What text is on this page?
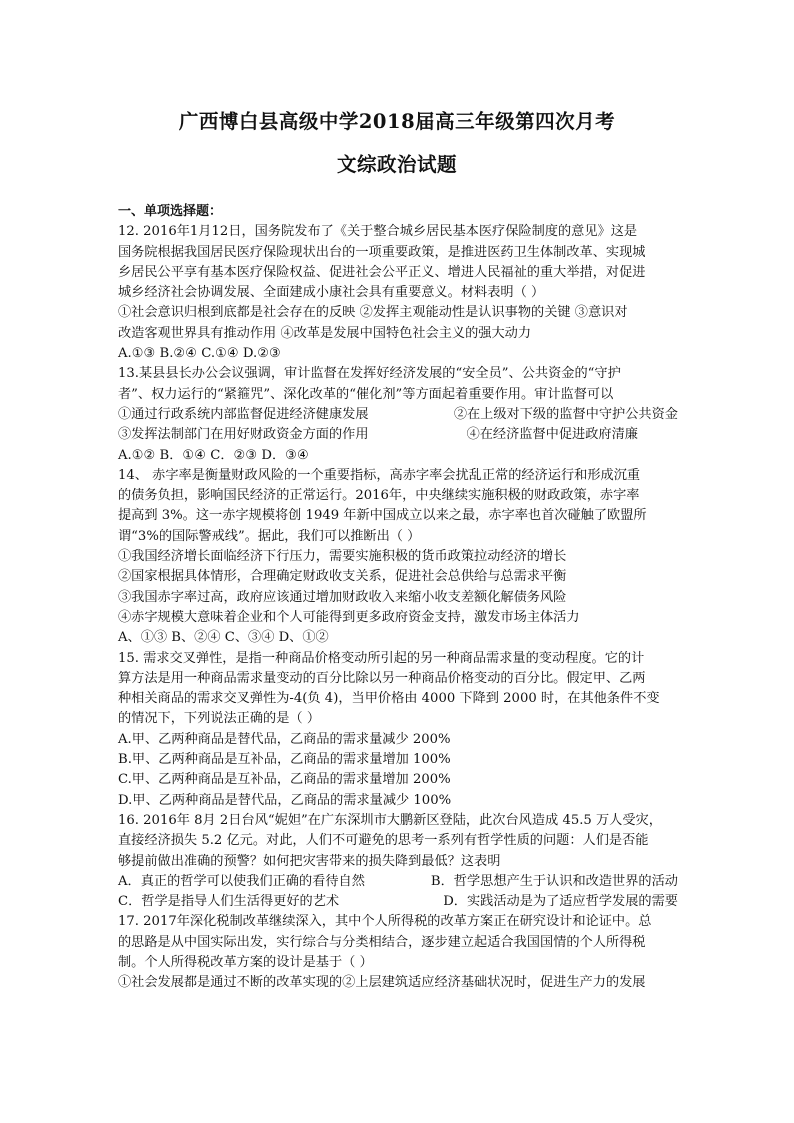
广西博白县高级中学2018届高三年级第四次月考
文综政治试题
一、单项选择题：
12. 2016年1月12日，国务院发布了《关于整合城乡居民基本医疗保险制度的意见》这是
国务院根据我国居民医疗保险现状出台的一项重要政策，是推进医药卫生体制改革、实现城
乡居民公平享有基本医疗保险权益、促进社会公平正义、增进人民福祉的重大举措，对促进
城乡经济社会协调发展、全面建成小康社会具有重要意义。材料表明（ ）
①社会意识归根到底都是社会存在的反映 ②发挥主观能动性是认识事物的关键 ③意识对
改造客观世界具有推动作用 ④改革是发展中国特色社会主义的强大动力
A.①③ B.②④ C.①④ D.②③
13.某县县长办公会议强调，审计监督在发挥好经济发展的“安全员”、公共资金的“守护
者”、权力运行的“紧箍咒”、深化改革的“催化剂”等方面起着重要作用。审计监督可以
①通过行政系统内部监督促进经济健康发展	②在上级对下级的监督中守护公共资金
③发挥法制部门在用好财政资金方面的作用	④在经济监督中促进政府清廉
A.①② B．①④ C．②③ D．③④
14、 赤字率是衡量财政风险的一个重要指标，高赤字率会扰乱正常的经济运行和形成沉重
的债务负担，影响国民经济的正常运行。2016年，中央继续实施积极的财政政策，赤字率
提高到 3%。这一赤字规模将创 1949 年新中国成立以来之最，赤字率也首次碰触了欧盟所
谓“3%的国际警戒线”。据此，我们可以推断出（ ）
①我国经济增长面临经济下行压力，需要实施积极的货币政策拉动经济的增长
②国家根据具体情形，合理确定财政收支关系，促进社会总供给与总需求平衡
③我国赤字率过高，政府应该通过增加财政收入来缩小收支差额化解债务风险
④赤字规模大意味着企业和个人可能得到更多政府资金支持，激发市场主体活力
A、①③ B、②④ C、③④ D、①②
15. 需求交叉弹性，是指一种商品价格变动所引起的另一种商品需求量的变动程度。它的计
算方法是用一种商品需求量变动的百分比除以另一种商品价格变动的百分比。假定甲、乙两
种相关商品的需求交叉弹性为-4(负 4)，当甲价格由 4000 下降到 2000 时，在其他条件不变
的情况下，下列说法正确的是（ ）
A.甲、乙两种商品是替代品，乙商品的需求量减少 200%
B.甲、乙两种商品是互补品，乙商品的需求量增加 100%
C.甲、乙两种商品是互补品，乙商品的需求量增加 200%
D.甲、乙两种商品是替代品，乙商品的需求量减少 100%
16. 2016年 8月 2日台风“妮妲”在广东深圳市大鹏新区登陆，此次台风造成 45.5 万人受灾，
直接经济损失 5.2 亿元。对此，人们不可避免的思考一系列有哲学性质的问题：人们是否能
够提前做出准确的预警？如何把灾害带来的损失降到最低？这表明
A．真正的哲学可以使我们正确的看待自然	B．哲学思想产生于认识和改造世界的活动
C．哲学是指导人们生活得更好的艺术	D．实践活动是为了适应哲学发展的需要
17. 2017年深化税制改革继续深入，其中个人所得税的改革方案正在研究设计和论证中。总
的思路是从中国实际出发，实行综合与分类相结合，逐步建立起适合我国国情的个人所得税
制。个人所得税改革方案的设计是基于（ ）
①社会发展都是通过不断的改革实现的②上层建筑适应经济基础状况时，促进生产力的发展
